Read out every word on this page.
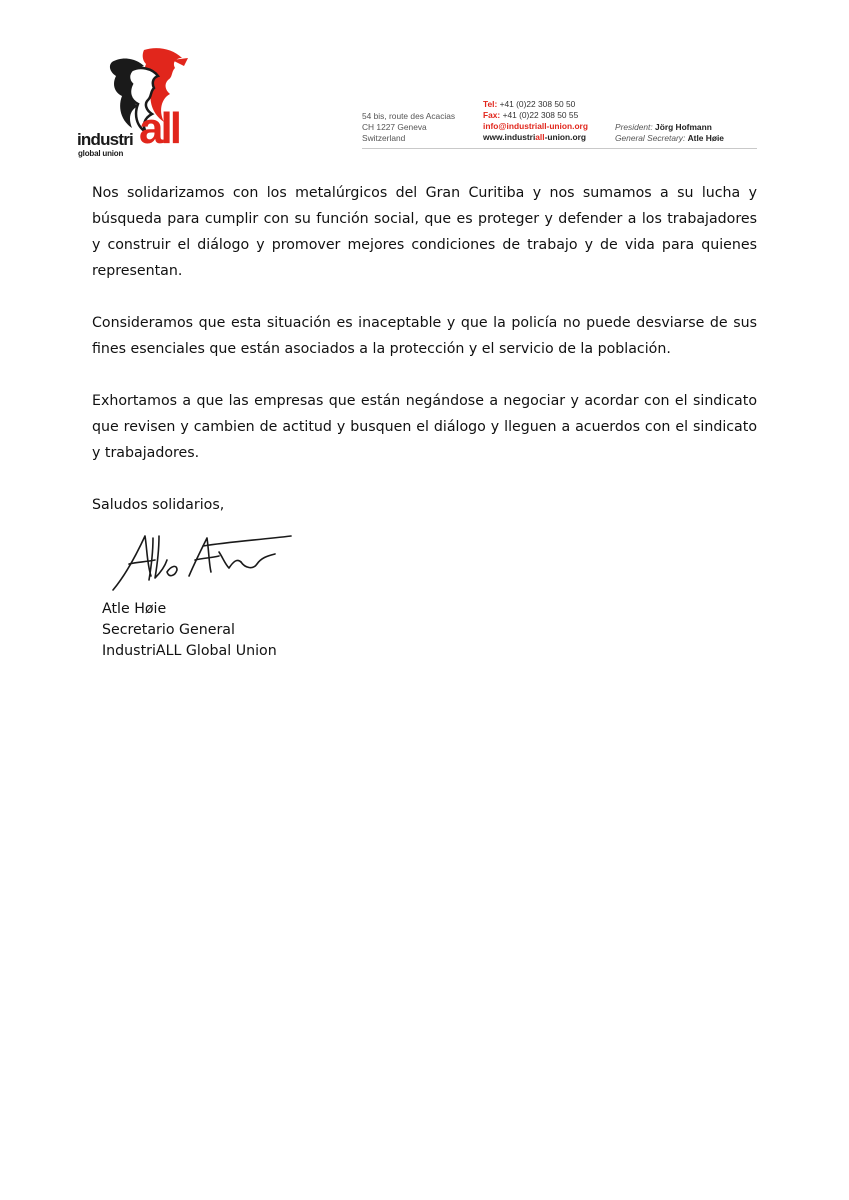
industri all
global union
54 bis, route des Acacias
CH 1227 Geneva
Switzerland
Tel: +41 (0)22 308 50 50
Fax: +41 (0)22 308 50 55
info@industriall-union.org
www.industriall-union.org
President: Jörg Hofmann
General Secretary: Atle Høie

Nos solidarizamos con los metalúrgicos del Gran Curitiba y nos sumamos a su lucha y búsqueda para cumplir con su función social, que es proteger y defender a los trabajadores y construir el diálogo y promover mejores condiciones de trabajo y de vida para quienes representan.

Consideramos que esta situación es inaceptable y que la policía no puede desviarse de sus fines esenciales que están asociados a la protección y el servicio de la población.

Exhortamos a que las empresas que están negándose a negociar y acordar con el sindicato que revisen y cambien de actitud y busquen el diálogo y lleguen a acuerdos con el sindicato y trabajadores.

Saludos solidarios,

Atle Høie
Secretario General
IndustriALL Global Union
